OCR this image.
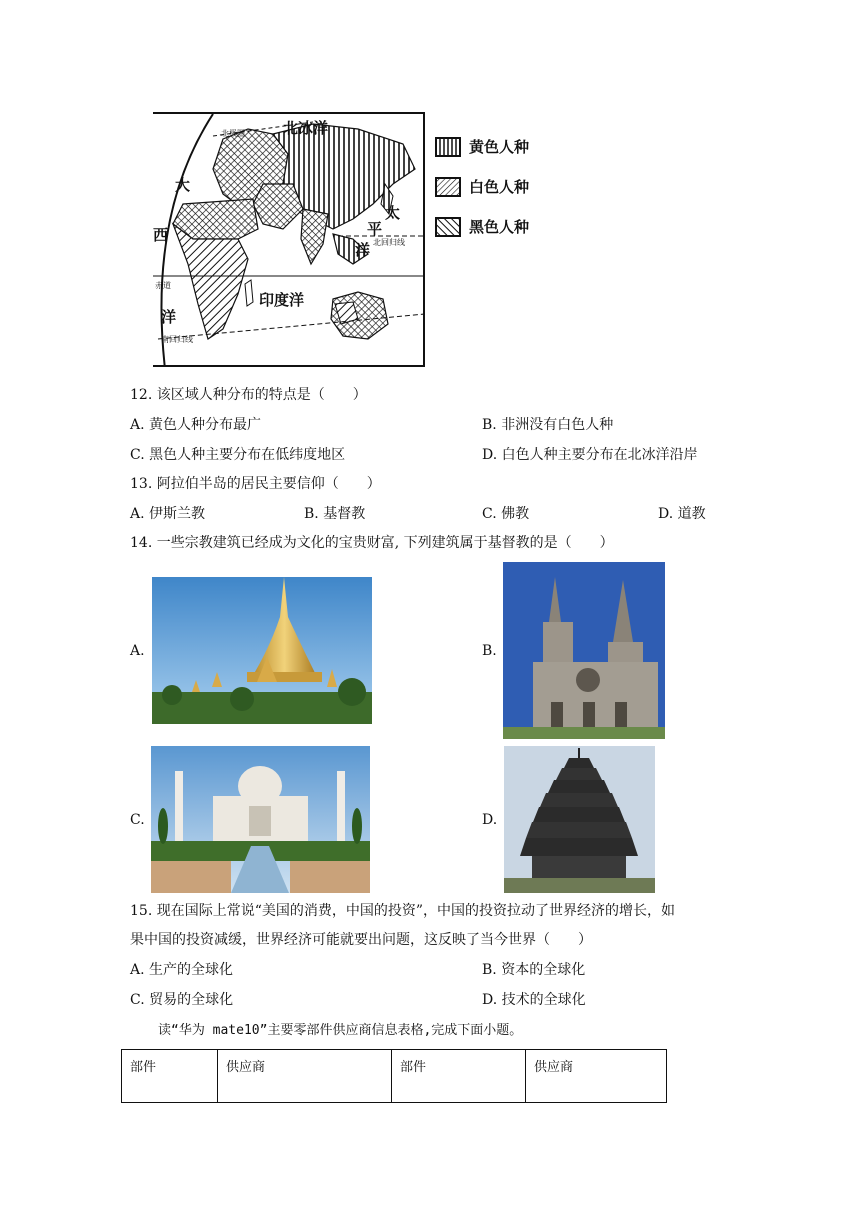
北冰洋
北极圈
大
西
洋
太
平
洋 北回归线
印度洋
赤道
南回归线
黄色人种
白色人种
黑色人种
12. 该区域人种分布的特点是（　　）
A. 黄色人种分布最广	B. 非洲没有白色人种
C. 黑色人种主要分布在低纬度地区	D. 白色人种主要分布在北冰洋沿岸
13. 阿拉伯半岛的居民主要信仰（　　）
A. 伊斯兰教	B. 基督教	C. 佛教	D. 道教
14. 一些宗教建筑已经成为文化的宝贵财富, 下列建筑属于基督教的是（　　）
A.	B.
C.	D.
15. 现在国际上常说“美国的消费，中国的投资”，中国的投资拉动了世界经济的增长，如
果中国的投资减缓，世界经济可能就要出问题，这反映了当今世界（　　）
A. 生产的全球化	B. 资本的全球化
C. 贸易的全球化	D. 技术的全球化
读“华为 mate10”主要零部件供应商信息表格,完成下面小题。
部件	供应商	部件	供应商
